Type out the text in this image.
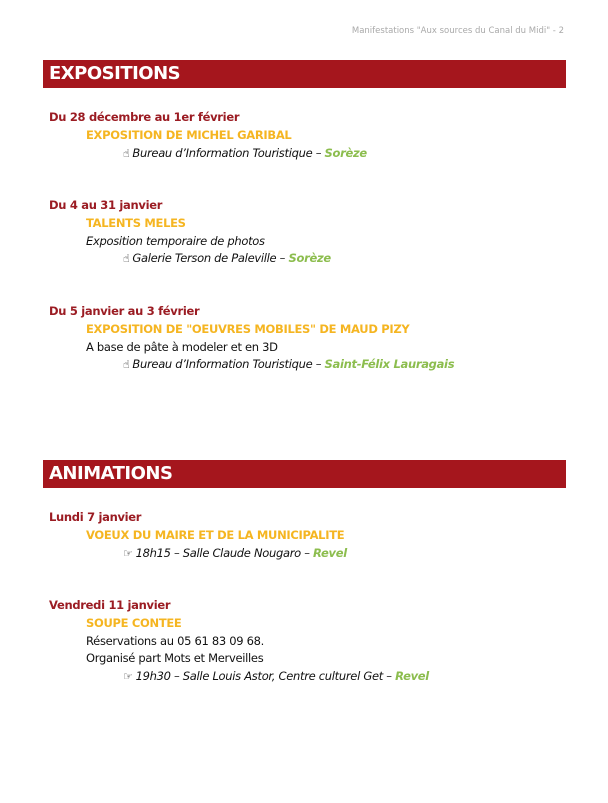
Manifestations "Aux sources du Canal du Midi" - 2
EXPOSITIONS
Du 28 décembre au 1er février
EXPOSITION DE MICHEL GARIBAL
☝ Bureau d’Information Touristique – Sorèze
Du 4 au 31 janvier
TALENTS MELES
Exposition temporaire de photos
☝ Galerie Terson de Paleville – Sorèze
Du 5 janvier au 3 février
EXPOSITION DE "OEUVRES MOBILES" DE MAUD PIZY
A base de pâte à modeler et en 3D
☝ Bureau d’Information Touristique – Saint-Félix Lauragais
ANIMATIONS
Lundi 7 janvier
VOEUX DU MAIRE ET DE LA MUNICIPALITE
☞ 18h15 – Salle Claude Nougaro – Revel
Vendredi 11 janvier
SOUPE CONTEE
Réservations au 05 61 83 09 68.
Organisé part Mots et Merveilles
☞ 19h30 – Salle Louis Astor, Centre culturel Get – Revel
